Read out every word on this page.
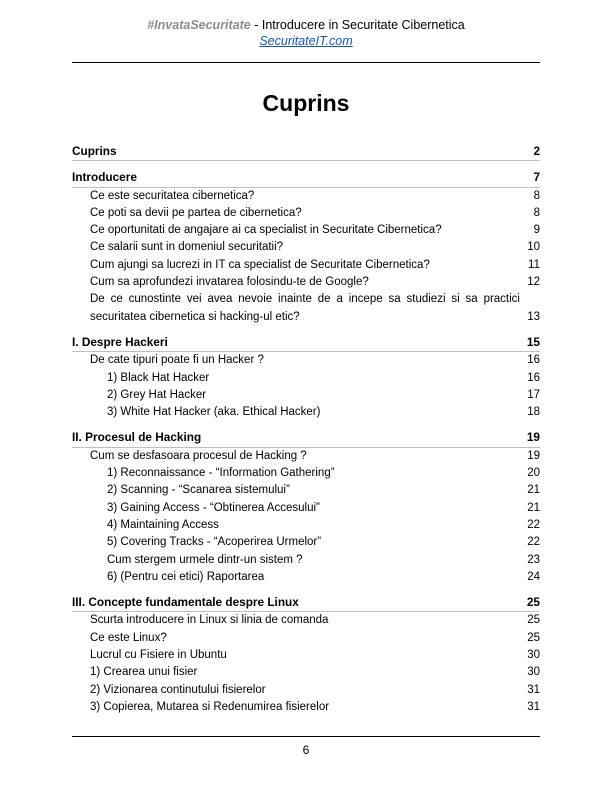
#InvataSecuritate - Introducere in Securitate Cibernetica
SecuritateIT.com
Cuprins
Cuprins	2
Introducere	7
Ce este securitatea cibernetica?	8
Ce poti sa devii pe partea de cibernetica?	8
Ce oportunitati de angajare ai ca specialist in Securitate Cibernetica?	9
Ce salarii sunt in domeniul securitatii?	10
Cum ajungi sa lucrezi in IT ca specialist de Securitate Cibernetica?	11
Cum sa aprofundezi invatarea folosindu-te de Google?	12
De ce cunostinte vei avea nevoie inainte de a incepe sa studiezi si sa practici securitatea cibernetica si hacking-ul etic?	13
I. Despre Hackeri	15
De cate tipuri poate fi un Hacker ?	16
1) Black Hat Hacker	16
2) Grey Hat Hacker	17
3) White Hat Hacker (aka. Ethical Hacker)	18
II. Procesul de Hacking	19
Cum se desfasoara procesul de Hacking ?	19
1) Reconnaissance - “Information Gathering”	20
2) Scanning - “Scanarea sistemului”	21
3) Gaining Access - “Obtinerea Accesului”	21
4) Maintaining Access	22
5) Covering Tracks - “Acoperirea Urmelor”	22
Cum stergem urmele dintr-un sistem ?	23
6) (Pentru cei etici) Raportarea	24
III. Concepte fundamentale despre Linux	25
Scurta introducere in Linux si linia de comanda	25
Ce este Linux?	25
Lucrul cu Fisiere in Ubuntu	30
1) Crearea unui fisier	30
2) Vizionarea continutului fisierelor	31
3) Copierea, Mutarea si Redenumirea fisierelor	31
6
